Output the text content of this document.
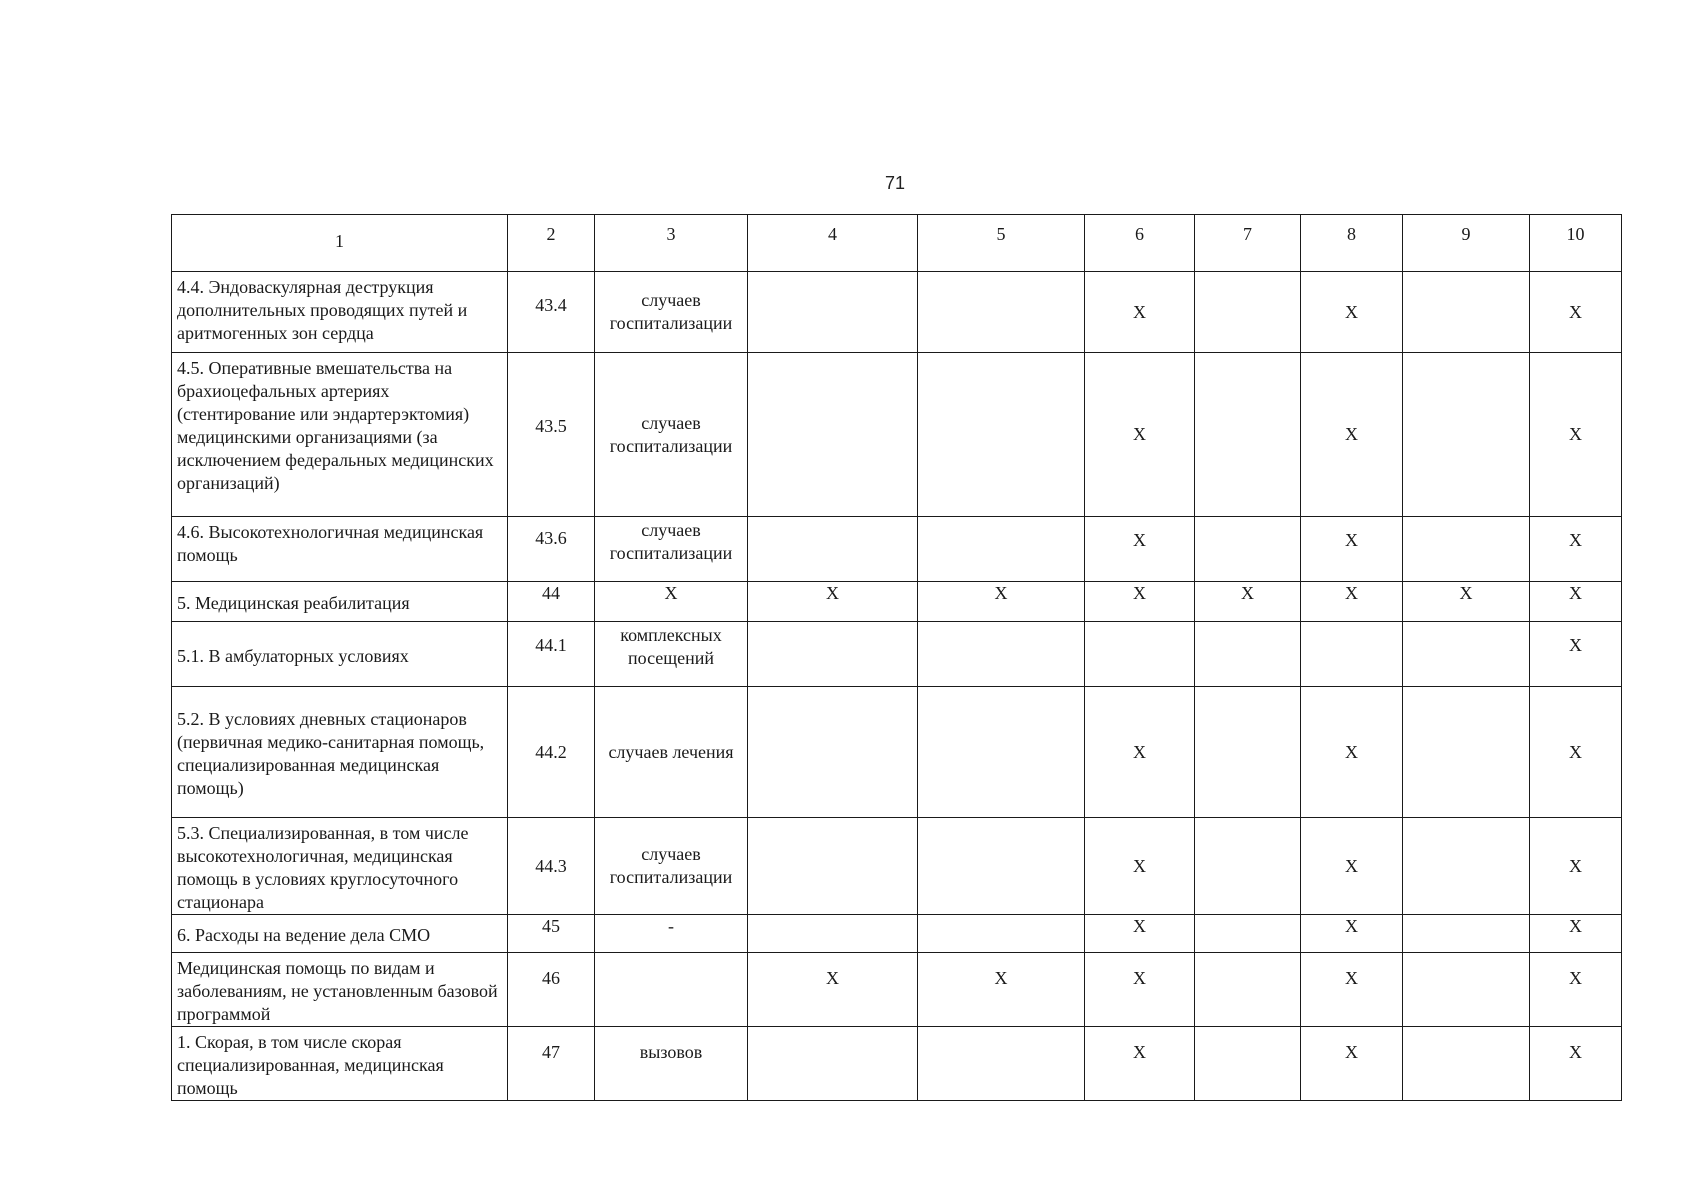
71
1	2	3	4	5	6	7	8	9	10
4.4. Эндоваскулярная деструкция дополнительных проводящих путей и аритмогенных зон сердца	43.4	случаев госпитализации			X		X		X
4.5. Оперативные вмешательства на брахиоцефальных артериях (стентирование или эндартерэктомия) медицинскими организациями (за исключением федеральных медицинских организаций)	43.5	случаев госпитализации			X		X		X
4.6. Высокотехнологичная медицинская помощь	43.6	случаев госпитализации			X		X		X
5. Медицинская реабилитация	44	X	X	X	X	X	X	X	X
5.1. В амбулаторных условиях	44.1	комплексных посещений							X
5.2. В условиях дневных стационаров (первичная медико-санитарная помощь, специализированная медицинская помощь)	44.2	случаев лечения			X		X		X
5.3. Специализированная, в том числе высокотехнологичная, медицинская помощь в условиях круглосуточного стационара	44.3	случаев госпитализации			X		X		X
6. Расходы на ведение дела СМО	45	-			X		X		X
Медицинская помощь по видам и заболеваниям, не установленным базовой программой	46		X	X	X		X		X
1. Скорая, в том числе скорая специализированная, медицинская помощь	47	вызовов			X		X		X
